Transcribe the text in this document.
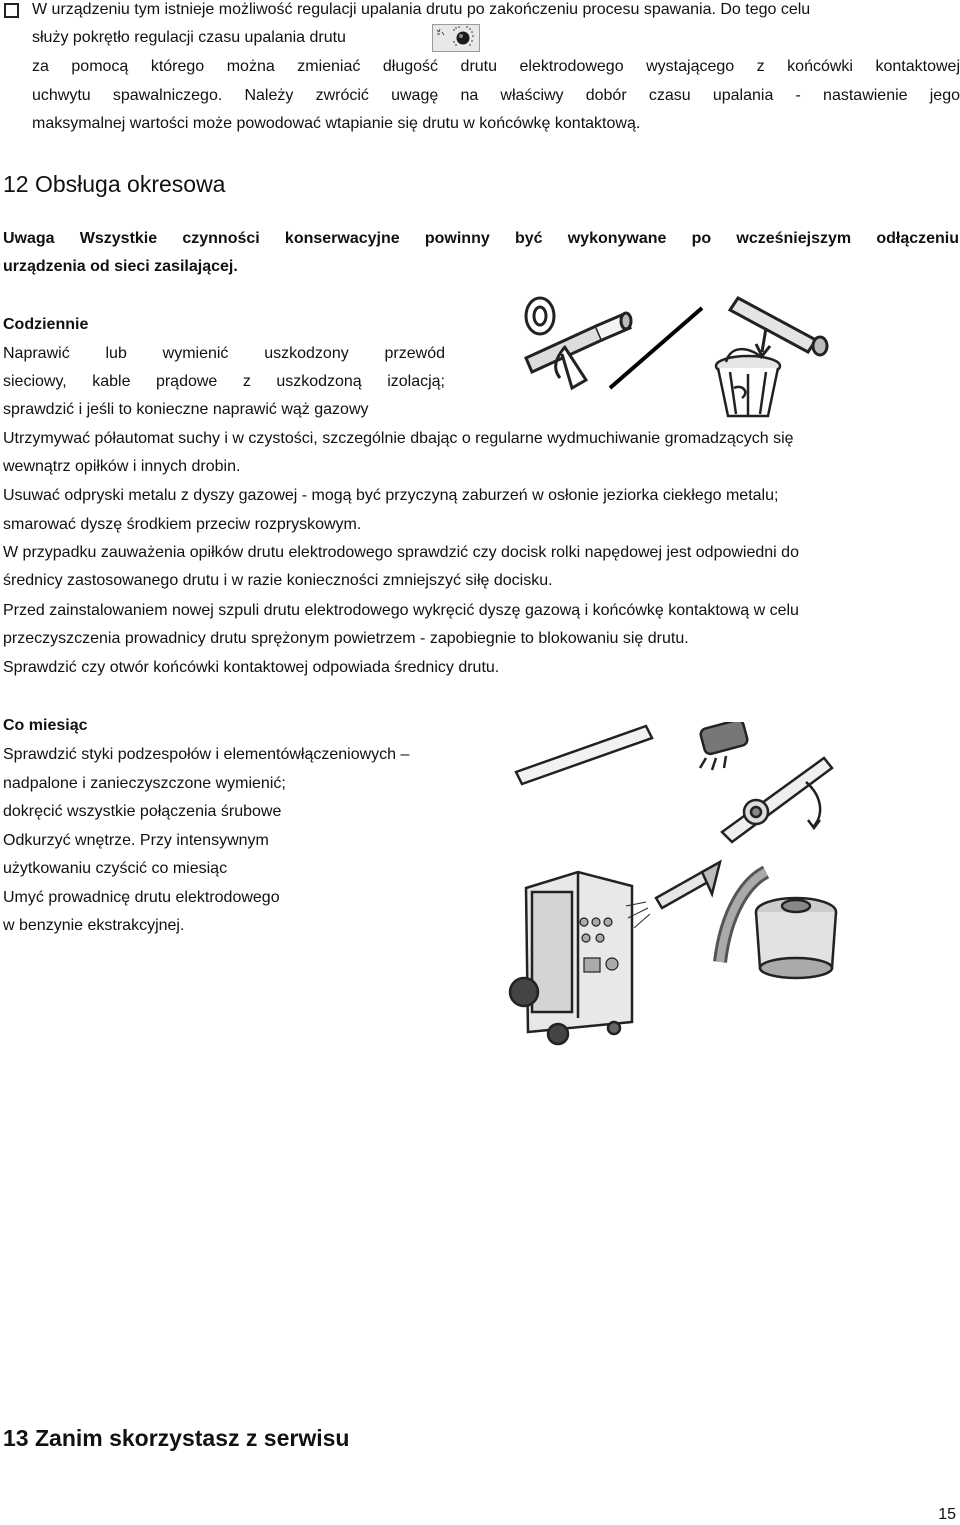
W urządzeniu tym istnieje możliwość regulacji upalania drutu po zakończeniu procesu spawania. Do tego celu
służy pokrętło regulacji czasu upalania drutu
za pomocą którego można zmieniać długość drutu elektrodowego wystającego z końcówki kontaktowej
uchwytu spawalniczego. Należy zwrócić uwagę na właściwy dobór czasu upalania - nastawienie jego
maksymalnej wartości może powodować wtapianie się drutu w końcówkę kontaktową.
12 Obsługa okresowa
Uwaga Wszystkie czynności konserwacyjne powinny być wykonywane po wcześniejszym odłączeniu
urządzenia od sieci zasilającej.
Codziennie
Naprawić lub wymienić uszkodzony przewód
sieciowy, kable prądowe z uszkodzoną izolacją;
sprawdzić i jeśli to konieczne naprawić wąż gazowy
Utrzymywać półautomat suchy i w czystości, szczególnie dbając o regularne wydmuchiwanie gromadzących się
wewnątrz opiłków i innych drobin.
Usuwać odpryski metalu z dyszy gazowej - mogą być przyczyną zaburzeń w osłonie jeziorka ciekłego metalu;
smarować dyszę środkiem przeciw rozpryskowym.
W przypadku zauważenia opiłków drutu elektrodowego sprawdzić czy docisk rolki napędowej jest odpowiedni do
średnicy zastosowanego drutu i w razie konieczności zmniejszyć siłę docisku.
Przed zainstalowaniem nowej szpuli drutu elektrodowego wykręcić dyszę gazową i końcówkę kontaktową w celu
przeczyszczenia prowadnicy drutu sprężonym powietrzem - zapobiegnie to blokowaniu się drutu.
Sprawdzić czy otwór końcówki kontaktowej odpowiada średnicy drutu.
Co miesiąc
Sprawdzić styki podzespołów i elementówłączeniowych –
nadpalone i zanieczyszczone wymienić;
dokręcić wszystkie połączenia śrubowe
Odkurzyć wnętrze. Przy intensywnym
użytkowaniu czyścić co miesiąc
Umyć prowadnicę drutu elektrodowego
w benzynie ekstrakcyjnej.
13 Zanim skorzystasz z serwisu
15
